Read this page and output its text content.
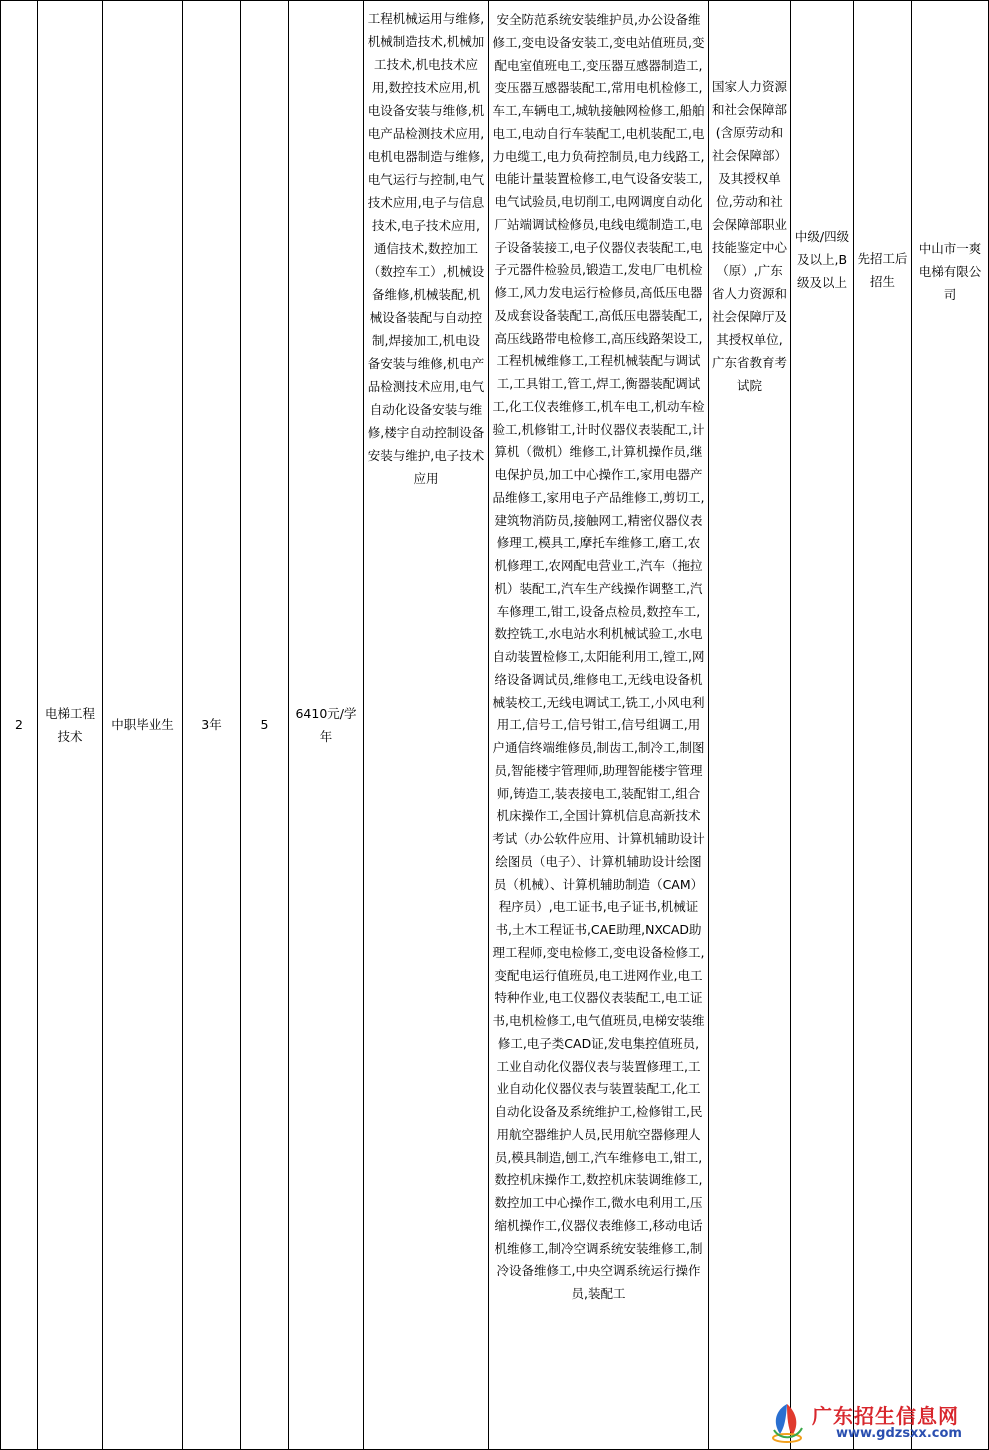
2	电梯工程技术	中职毕业生	3年	5	6410元/学年	工程机械运用与维修,机械制造技术,机械加工技术,机电技术应用,数控技术应用,机电设备安装与维修,机电产品检测技术应用,电机电器制造与维修,电气运行与控制,电气技术应用,电子与信息技术,电子技术应用,通信技术,数控加工（数控车工）,机械设备维修,机械装配,机械设备装配与自动控制,焊接加工,机电设备安装与维修,机电产品检测技术应用,电气自动化设备安装与维修,楼宇自动控制设备安装与维护,电子技术应用	安全防范系统安装维护员,办公设备维修工,变电设备安装工,变电站值班员,变配电室值班电工,变压器互感器制造工,变压器互感器装配工,常用电机检修工,车工,车辆电工,城轨接触网检修工,船舶电工,电动自行车装配工,电机装配工,电力电缆工,电力负荷控制员,电力线路工,电能计量装置检修工,电气设备安装工,电气试验员,电切削工,电网调度自动化厂站端调试检修员,电线电缆制造工,电子设备装接工,电子仪器仪表装配工,电子元器件检验员,锻造工,发电厂电机检修工,风力发电运行检修员,高低压电器及成套设备装配工,高低压电器装配工,高压线路带电检修工,高压线路架设工,工程机械维修工,工程机械装配与调试工,工具钳工,管工,焊工,衡器装配调试工,化工仪表维修工,机车电工,机动车检验工,机修钳工,计时仪器仪表装配工,计算机（微机）维修工,计算机操作员,继电保护员,加工中心操作工,家用电器产品维修工,家用电子产品维修工,剪切工,建筑物消防员,接触网工,精密仪器仪表修理工,模具工,摩托车维修工,磨工,农机修理工,农网配电营业工,汽车（拖拉机）装配工,汽车生产线操作调整工,汽车修理工,钳工,设备点检员,数控车工,数控铣工,水电站水利机械试验工,水电自动装置检修工,太阳能利用工,镗工,网络设备调试员,维修电工,无线电设备机械装校工,无线电调试工,铣工,小风电利用工,信号工,信号钳工,信号组调工,用户通信终端维修员,制齿工,制冷工,制图员,智能楼宇管理师,助理智能楼宇管理师,铸造工,装表接电工,装配钳工,组合机床操作工,全国计算机信息高新技术考试（办公软件应用、计算机辅助设计绘图员（电子）、计算机辅助设计绘图员（机械）、计算机辅助制造（CAM）程序员）,电工证书,电子证书,机械证书,土木工程证书,CAE助理,NXCAD助理工程师,变电检修工,变电设备检修工,变配电运行值班员,电工进网作业,电工特种作业,电工仪器仪表装配工,电工证书,电机检修工,电气值班员,电梯安装维修工,电子类CAD证,发电集控值班员,工业自动化仪器仪表与装置修理工,工业自动化仪器仪表与装置装配工,化工自动化设备及系统维护工,检修钳工,民用航空器维护人员,民用航空器修理人员,模具制造,刨工,汽车维修电工,钳工,数控机床操作工,数控机床装调维修工,数控加工中心操作工,微水电利用工,压缩机操作工,仪器仪表维修工,移动电话机维修工,制冷空调系统安装维修工,制冷设备维修工,中央空调系统运行操作员,装配工	国家人力资源和社会保障部(含原劳动和社会保障部）及其授权单位,劳动和社会保障部职业技能鉴定中心（原）,广东省人力资源和社会保障厅及其授权单位,广东省教育考试院	中级/四级及以上,B级及以上	先招工后招生	中山市一爽电梯有限公司
广东招生信息网
www.gdzsxx.com
